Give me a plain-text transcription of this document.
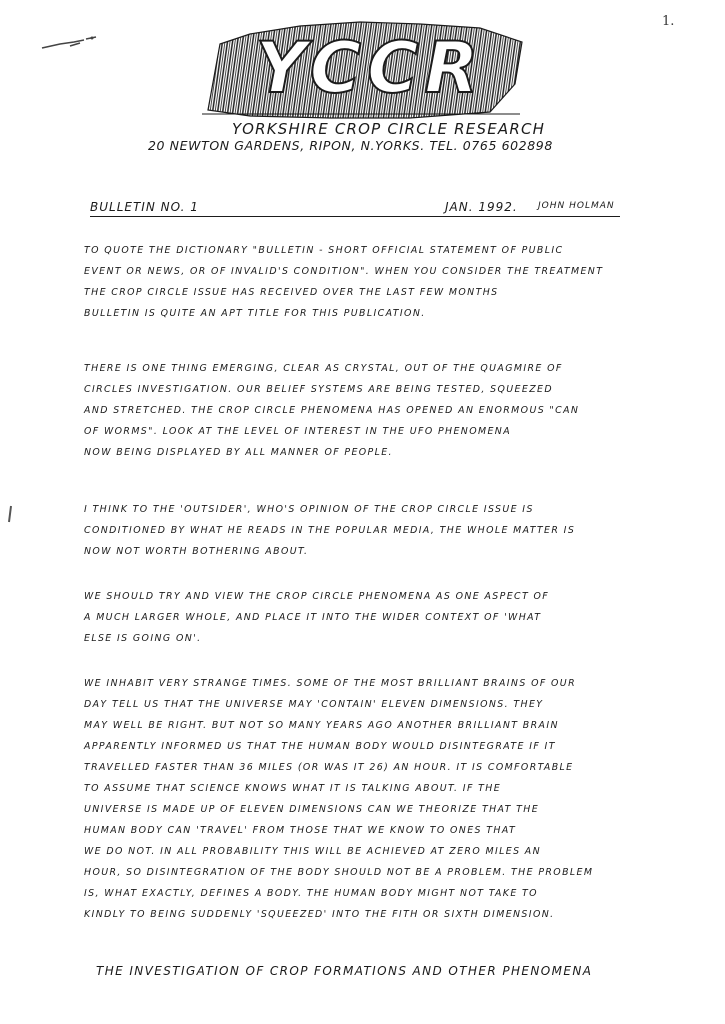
1.
YCCR
YORKSHIRE CROP CIRCLE RESEARCH
20 NEWTON GARDENS, RIPON, N.YORKS. TEL. 0765 602898
BULLETIN NO. 1	JAN. 1992. JOHN HOLMAN

TO QUOTE THE DICTIONARY "BULLETIN - SHORT OFFICIAL STATEMENT OF PUBLIC
EVENT OR NEWS, OR OF INVALID'S CONDITION". WHEN YOU CONSIDER THE TREATMENT
THE CROP CIRCLE ISSUE HAS RECEIVED OVER THE LAST FEW MONTHS
BULLETIN IS QUITE AN APT TITLE FOR THIS PUBLICATION.

THERE IS ONE THING EMERGING, CLEAR AS CRYSTAL, OUT OF THE QUAGMIRE OF
CIRCLES INVESTIGATION. OUR BELIEF SYSTEMS ARE BEING TESTED, SQUEEZED
AND STRETCHED. THE CROP CIRCLE PHENOMENA HAS OPENED AN ENORMOUS "CAN
OF WORMS". LOOK AT THE LEVEL OF INTEREST IN THE UFO PHENOMENA
NOW BEING DISPLAYED BY ALL MANNER OF PEOPLE.

I THINK TO THE 'OUTSIDER', WHO'S OPINION OF THE CROP CIRCLE ISSUE IS
CONDITIONED BY WHAT HE READS IN THE POPULAR MEDIA, THE WHOLE MATTER IS
NOW NOT WORTH BOTHERING ABOUT.

WE SHOULD TRY AND VIEW THE CROP CIRCLE PHENOMENA AS ONE ASPECT OF
A MUCH LARGER WHOLE, AND PLACE IT INTO THE WIDER CONTEXT OF 'WHAT
ELSE IS GOING ON'.

WE INHABIT VERY STRANGE TIMES. SOME OF THE MOST BRILLIANT BRAINS OF OUR
DAY TELL US THAT THE UNIVERSE MAY 'CONTAIN' ELEVEN DIMENSIONS. THEY
MAY WELL BE RIGHT. BUT NOT SO MANY YEARS AGO ANOTHER BRILLIANT BRAIN
APPARENTLY INFORMED US THAT THE HUMAN BODY WOULD DISINTEGRATE IF IT
TRAVELLED FASTER THAN 36 MILES (OR WAS IT 26) AN HOUR. IT IS COMFORTABLE
TO ASSUME THAT SCIENCE KNOWS WHAT IT IS TALKING ABOUT. IF THE
UNIVERSE IS MADE UP OF ELEVEN DIMENSIONS CAN WE THEORIZE THAT THE
HUMAN BODY CAN 'TRAVEL' FROM THOSE THAT WE KNOW TO ONES THAT
WE DO NOT. IN ALL PROBABILITY THIS WILL BE ACHIEVED AT ZERO MILES AN
HOUR, SO DISINTEGRATION OF THE BODY SHOULD NOT BE A PROBLEM. THE PROBLEM
IS, WHAT EXACTLY, DEFINES A BODY. THE HUMAN BODY MIGHT NOT TAKE TO
KINDLY TO BEING SUDDENLY 'SQUEEZED' INTO THE FITH OR SIXTH DIMENSION.

THE INVESTIGATION OF CROP FORMATIONS AND OTHER PHENOMENA
